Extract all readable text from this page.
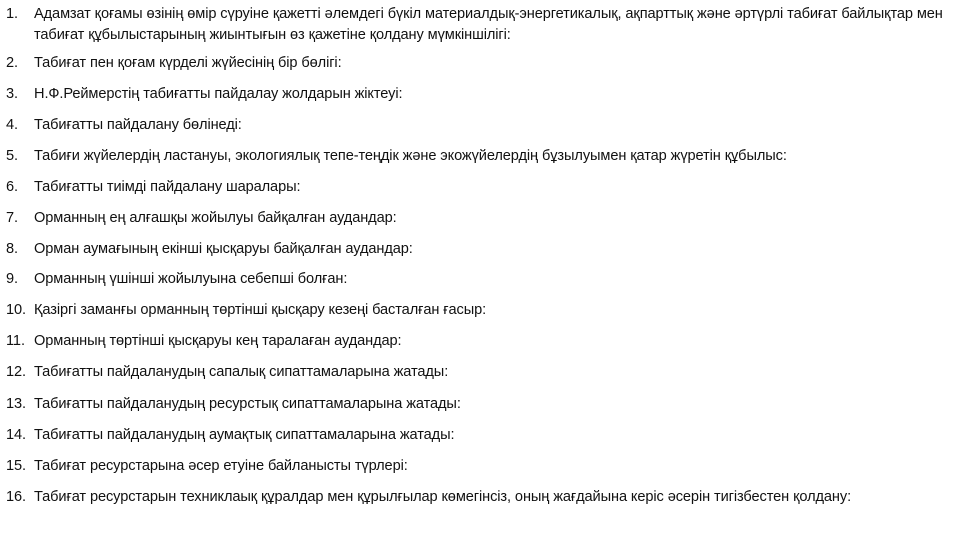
1.	Адамзат қоғамы өзінің өмір сүруіне қажетті әлемдегі бүкіл материалдық-энергетикалық, ақпарттық және әртүрлі табиғат байлықтар мен табиғат құбылыстарының жиынтығын өз қажетіне қолдану мүмкіншілігі:
2.	Табиғат пен қоғам күрделі жүйесінің бір бөлігі:
3.	Н.Ф.Реймерстің табиғатты пайдалау жолдарын жіктеуі:
4.	Табиғатты пайдалану бөлінеді:
5.	Табиғи жүйелердің ластануы, экологиялық тепе-теңдік және экожүйелердің бұзылуымен қатар жүретін құбылыс:
6.	Табиғатты тиімді пайдалану шаралары:
7.	Орманның ең алғашқы жойылуы байқалған аудандар:
8.	Орман аумағының екінші қысқаруы байқалған аудандар:
9.	Орманның үшінші жойылуына себепші болған:
10. Қазіргі заманғы орманның төртінші қысқару кезеңі басталған ғасыр:
11. Орманның төртінші қысқаруы кең таралаған аудандар:
12. Табиғатты пайдаланудың сапалық сипаттамаларына жатады:
13. Табиғатты пайдаланудың ресурстық сипаттамаларына жатады:
14. Табиғатты пайдаланудың аумақтық сипаттамаларына жатады:
15. Табиғат ресурстарына әсер етуіне байланысты түрлері:
16. Табиғат ресурстарын техниклаық құралдар мен құрылғылар көмегінсіз, оның жағдайына керіс әсерін тигізбестен қолдану:
